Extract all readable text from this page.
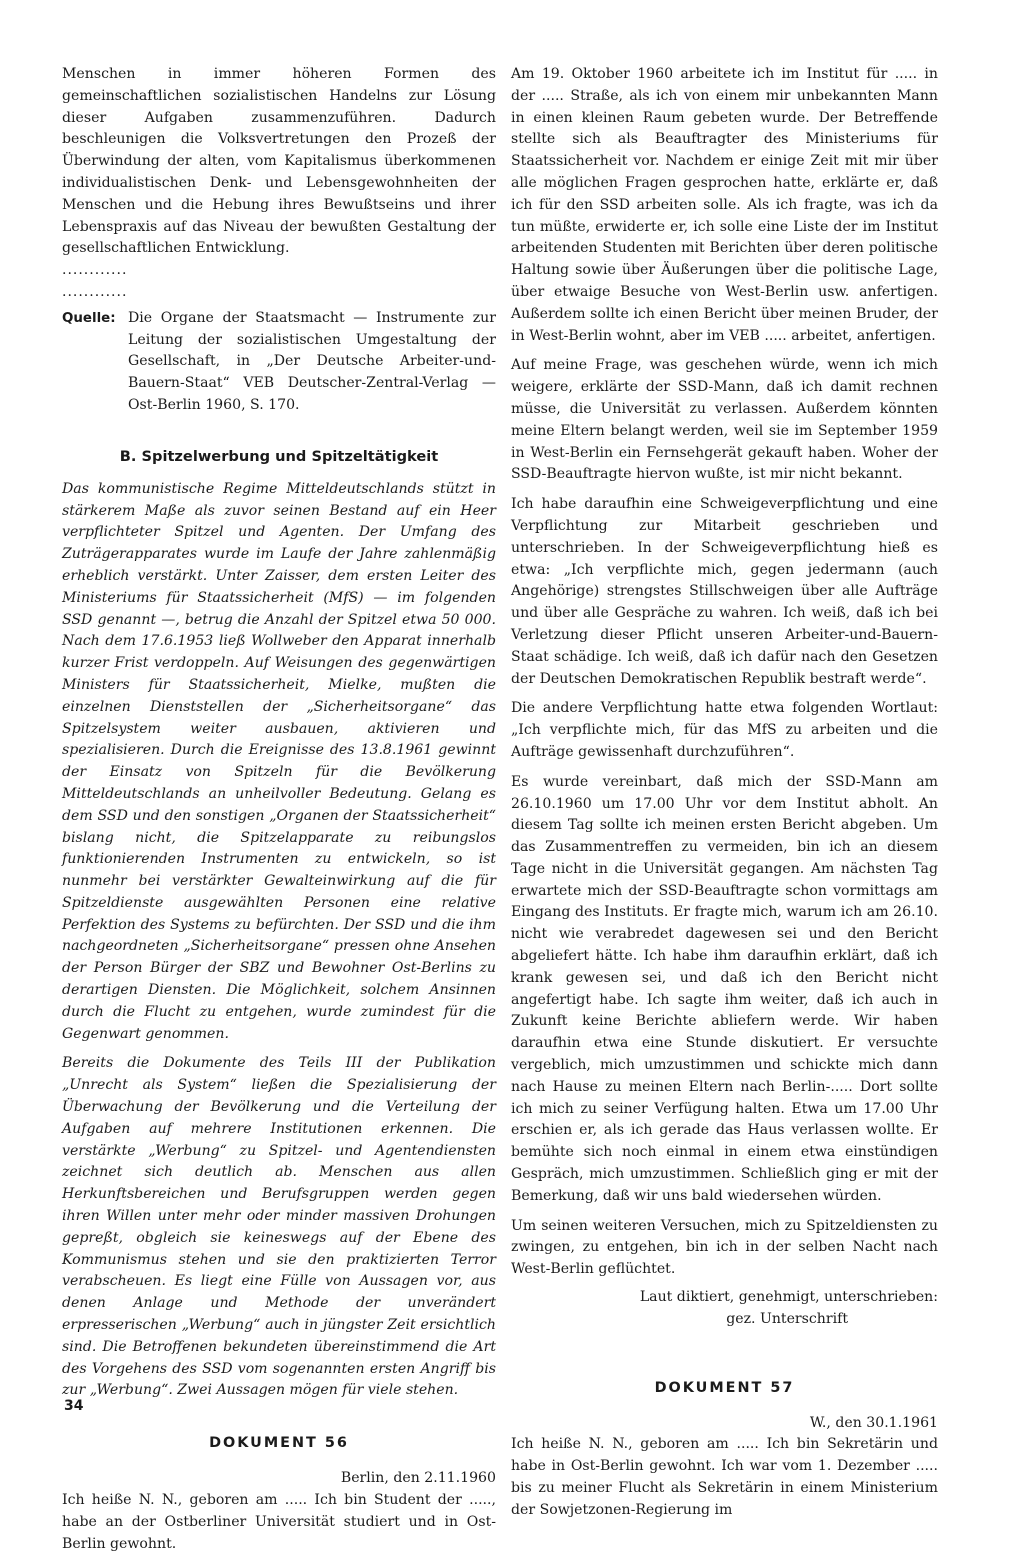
Menschen in immer höheren Formen des gemeinschaftlichen sozialistischen Handelns zur Lösung dieser Aufgaben zusammenzuführen. Dadurch beschleunigen die Volksvertretungen den Prozeß der Überwindung der alten, vom Kapitalismus überkommenen individualistischen Denk- und Lebensgewohnheiten der Menschen und die Hebung ihres Bewußtseins und ihrer Lebenspraxis auf das Niveau der bewußten Gestaltung der gesellschaftlichen Entwicklung.

............
............
Quelle: Die Organe der Staatsmacht — Instrumente zur Leitung der sozialistischen Umgestaltung der Gesellschaft, in „Der Deutsche Arbeiter-und-Bauern-Staat“ VEB Deutscher-Zentral-Verlag — Ost-Berlin 1960, S. 170.
B. Spitzelwerbung und Spitzeltätigkeit

Das kommunistische Regime Mitteldeutschlands stützt in stärkerem Maße als zuvor seinen Bestand auf ein Heer verpflichteter Spitzel und Agenten. Der Umfang des Zuträgerapparates wurde im Laufe der Jahre zahlenmäßig erheblich verstärkt. Unter Zaisser, dem ersten Leiter des Ministeriums für Staatssicherheit (MfS) — im folgenden SSD genannt —, betrug die Anzahl der Spitzel etwa 50 000. Nach dem 17.6.1953 ließ Wollweber den Apparat innerhalb kurzer Frist verdoppeln. Auf Weisungen des gegenwärtigen Ministers für Staatssicherheit, Mielke, mußten die einzelnen Dienststellen der „Sicherheitsorgane“ das Spitzelsystem weiter ausbauen, aktivieren und spezialisieren. Durch die Ereignisse des 13.8.1961 gewinnt der Einsatz von Spitzeln für die Bevölkerung Mitteldeutschlands an unheilvoller Bedeutung. Gelang es dem SSD und den sonstigen „Organen der Staatssicherheit“ bislang nicht, die Spitzelapparate zu reibungslos funktionierenden Instrumenten zu entwickeln, so ist nunmehr bei verstärkter Gewalteinwirkung auf die für Spitzeldienste ausgewählten Personen eine relative Perfektion des Systems zu befürchten. Der SSD und die ihm nachgeordneten „Sicherheitsorgane“ pressen ohne Ansehen der Person Bürger der SBZ und Bewohner Ost-Berlins zu derartigen Diensten. Die Möglichkeit, solchem Ansinnen durch die Flucht zu entgehen, wurde zumindest für die Gegenwart genommen.

Bereits die Dokumente des Teils III der Publikation „Unrecht als System“ ließen die Spezialisierung der Überwachung der Bevölkerung und die Verteilung der Aufgaben auf mehrere Institutionen erkennen. Die verstärkte „Werbung“ zu Spitzel- und Agentendiensten zeichnet sich deutlich ab. Menschen aus allen Herkunftsbereichen und Berufsgruppen werden gegen ihren Willen unter mehr oder minder massiven Drohungen gepreßt, obgleich sie keineswegs auf der Ebene des Kommunismus stehen und sie den praktizierten Terror verabscheuen. Es liegt eine Fülle von Aussagen vor, aus denen Anlage und Methode der unverändert erpresserischen „Werbung“ auch in jüngster Zeit ersichtlich sind. Die Betroffenen bekundeten übereinstimmend die Art des Vorgehens des SSD vom sogenannten ersten Angriff bis zur „Werbung“. Zwei Aussagen mögen für viele stehen.

DOKUMENT 56
Berlin, den 2.11.1960

Ich heiße N. N., geboren am ..... Ich bin Student der ....., habe an der Ostberliner Universität studiert und in Ost-Berlin gewohnt.

Am 19. Oktober 1960 arbeitete ich im Institut für ..... in der ..... Straße, als ich von einem mir unbekannten Mann in einen kleinen Raum gebeten wurde. Der Betreffende stellte sich als Beauftragter des Ministeriums für Staatssicherheit vor. Nachdem er einige Zeit mit mir über alle möglichen Fragen gesprochen hatte, erklärte er, daß ich für den SSD arbeiten solle. Als ich fragte, was ich da tun müßte, erwiderte er, ich solle eine Liste der im Institut arbeitenden Studenten mit Berichten über deren politische Haltung sowie über Äußerungen über die politische Lage, über etwaige Besuche von West-Berlin usw. anfertigen. Außerdem sollte ich einen Bericht über meinen Bruder, der in West-Berlin wohnt, aber im VEB ..... arbeitet, anfertigen.

Auf meine Frage, was geschehen würde, wenn ich mich weigere, erklärte der SSD-Mann, daß ich damit rechnen müsse, die Universität zu verlassen. Außerdem könnten meine Eltern belangt werden, weil sie im September 1959 in West-Berlin ein Fernsehgerät gekauft haben. Woher der SSD-Beauftragte hiervon wußte, ist mir nicht bekannt.

Ich habe daraufhin eine Schweigeverpflichtung und eine Verpflichtung zur Mitarbeit geschrieben und unterschrieben. In der Schweigeverpflichtung hieß es etwa: „Ich verpflichte mich, gegen jedermann (auch Angehörige) strengstes Stillschweigen über alle Aufträge und über alle Gespräche zu wahren. Ich weiß, daß ich bei Verletzung dieser Pflicht unseren Arbeiter-und-Bauern-Staat schädige. Ich weiß, daß ich dafür nach den Gesetzen der Deutschen Demokratischen Republik bestraft werde“.

Die andere Verpflichtung hatte etwa folgenden Wortlaut: „Ich verpflichte mich, für das MfS zu arbeiten und die Aufträge gewissenhaft durchzuführen“.

Es wurde vereinbart, daß mich der SSD-Mann am 26.10.1960 um 17.00 Uhr vor dem Institut abholt. An diesem Tag sollte ich meinen ersten Bericht abgeben. Um das Zusammentreffen zu vermeiden, bin ich an diesem Tage nicht in die Universität gegangen. Am nächsten Tag erwartete mich der SSD-Beauftragte schon vormittags am Eingang des Instituts. Er fragte mich, warum ich am 26.10. nicht wie verabredet dagewesen sei und den Bericht abgeliefert hätte. Ich habe ihm daraufhin erklärt, daß ich krank gewesen sei, und daß ich den Bericht nicht angefertigt habe. Ich sagte ihm weiter, daß ich auch in Zukunft keine Berichte abliefern werde. Wir haben daraufhin etwa eine Stunde diskutiert. Er versuchte vergeblich, mich umzustimmen und schickte mich dann nach Hause zu meinen Eltern nach Berlin-..... Dort sollte ich mich zu seiner Verfügung halten. Etwa um 17.00 Uhr erschien er, als ich gerade das Haus verlassen wollte. Er bemühte sich noch einmal in einem etwa einstündigen Gespräch, mich umzustimmen. Schließlich ging er mit der Bemerkung, daß wir uns bald wiedersehen würden.

Um seinen weiteren Versuchen, mich zu Spitzeldiensten zu zwingen, zu entgehen, bin ich in der selben Nacht nach West-Berlin geflüchtet.

Laut diktiert, genehmigt, unterschrieben:
gez. Unterschrift
DOKUMENT 57
W., den 30.1.1961

Ich heiße N. N., geboren am ..... Ich bin Sekretärin und habe in Ost-Berlin gewohnt. Ich war vom 1. Dezember ..... bis zu meiner Flucht als Sekretärin in einem Ministerium der Sowjetzonen-Regierung im

34
